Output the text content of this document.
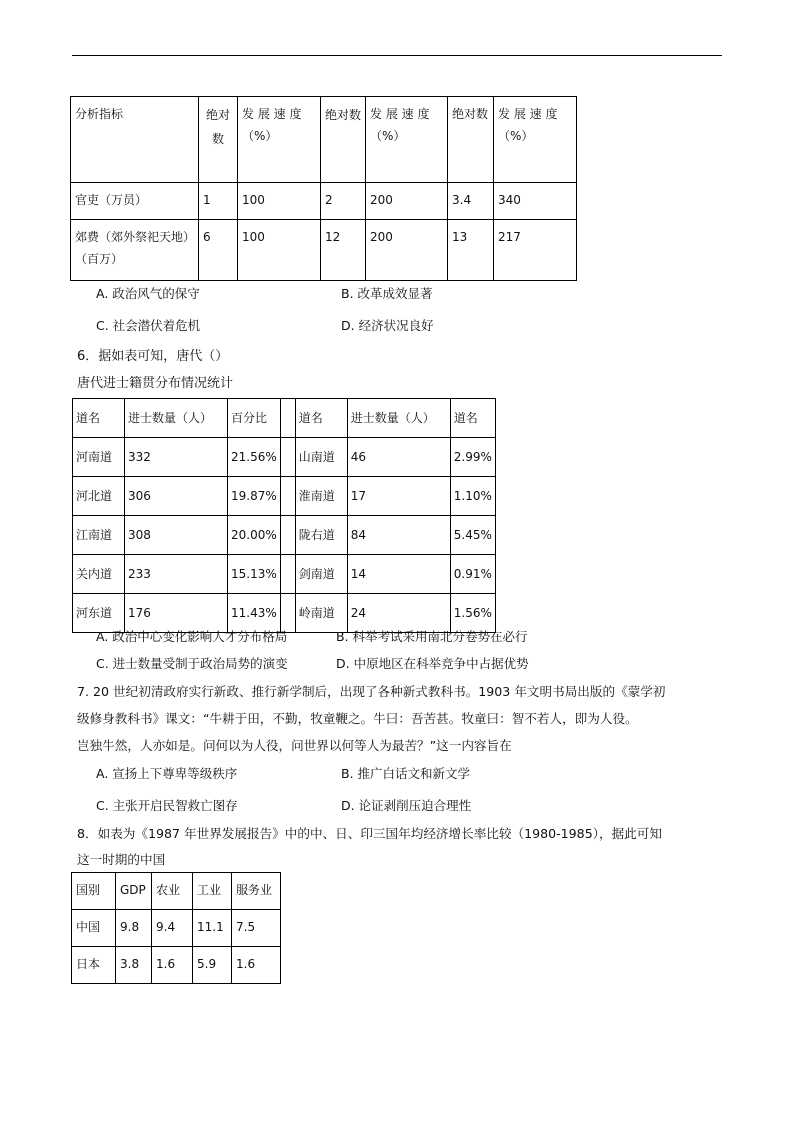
分析指标	绝对数	发 展 速 度（%）	绝对数	发 展 速 度（%）	绝对数	发 展 速 度（%）
官吏（万员）	1	100	2	200	3.4	340
郊费（郊外祭祀天地）（百万）	6	100	12	200	13	217
A. 政治风气的保守	B. 改革成效显著
C. 社会潜伏着危机	D. 经济状况良好
6．据如表可知，唐代（）
唐代进士籍贯分布情况统计
道名	进士数量（人）	百分比		道名	进士数量（人）	道名
河南道	332	21.56%		山南道	46	2.99%
河北道	306	19.87%		淮南道	17	1.10%
江南道	308	20.00%		陇右道	84	5.45%
关内道	233	15.13%		剑南道	14	0.91%
河东道	176	11.43%		岭南道	24	1.56%
A. 政治中心变化影响人才分布格局	B. 科举考试采用南北分卷势在必行
C. 进士数量受制于政治局势的演变	D. 中原地区在科举竞争中占据优势
7. 20 世纪初清政府实行新政、推行新学制后，出现了各种新式教科书。1903 年文明书局出版的《蒙学初
级修身教科书》课文：“牛耕于田，不勤，牧童鞭之。牛曰：吾苦甚。牧童曰：智不若人，即为人役。
岂独牛然，人亦如是。问何以为人役，问世界以何等人为最苦？”这一内容旨在
A. 宣扬上下尊卑等级秩序	B. 推广白话文和新文学
C. 主张开启民智救亡图存	D. 论证剥削压迫合理性
8．如表为《1987 年世界发展报告》中的中、日、印三国年均经济增长率比较（1980-1985），据此可知
这一时期的中国
国别	GDP	农业	工业	服务业
中国	9.8	9.4	11.1	7.5
日本	3.8	1.6	5.9	1.6
